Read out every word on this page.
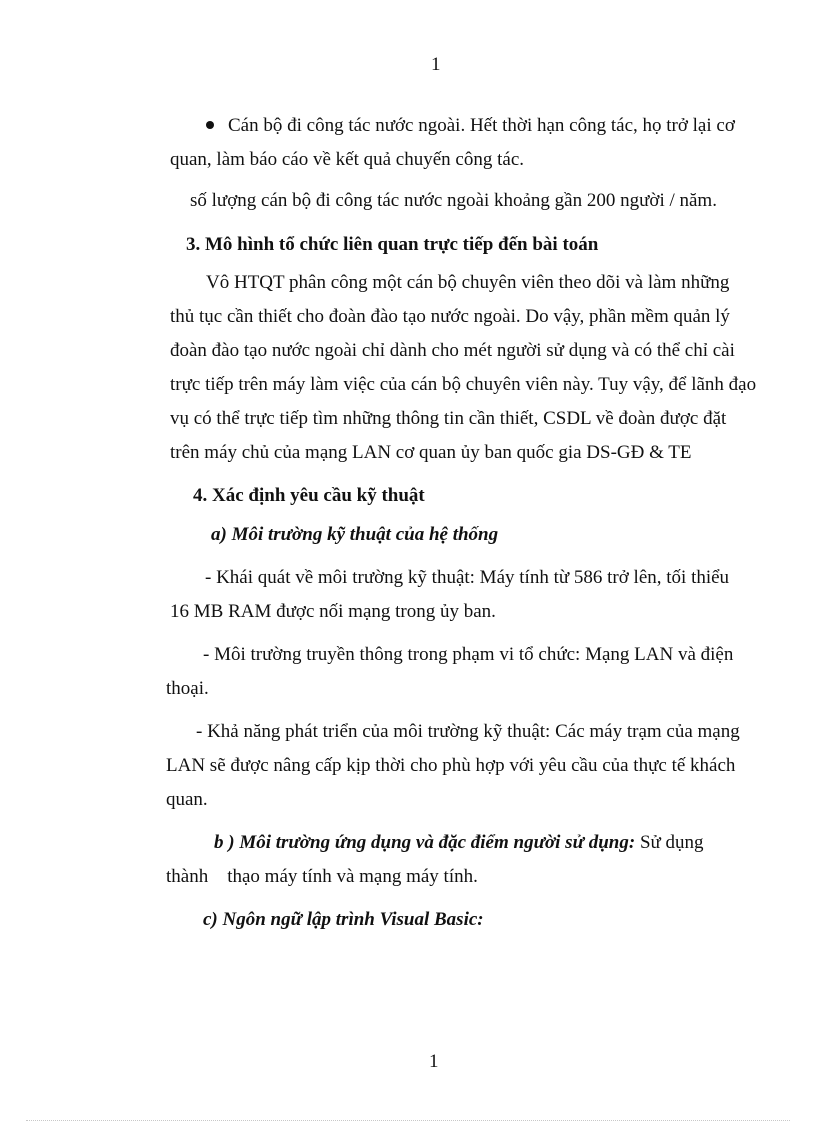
1
Cán bộ đi công tác nước ngoài. Hết thời hạn công tác, họ trở lại cơ
quan, làm báo cáo về kết quả chuyến công tác.
số lượng cán bộ đi công tác nước ngoài khoảng gần 200 người / năm.
3. Mô hình tổ chức liên quan trực tiếp đến bài toán
Vô HTQT phân công một cán bộ chuyên viên theo dõi và làm những
thủ tục cần thiết cho đoàn đào tạo nước ngoài. Do vậy, phần mềm quản lý
đoàn đào tạo nước ngoài chỉ dành cho mét người sử dụng và có thể chỉ cài
trực tiếp trên máy làm việc của cán bộ chuyên viên này. Tuy vậy, để lãnh đạo
vụ có thể trực tiếp tìm những thông tin cần thiết, CSDL về đoàn được đặt
trên máy chủ của mạng LAN cơ quan ủy ban quốc gia DS-GĐ & TE
4. Xác định yêu cầu kỹ thuật
a) Môi trường kỹ thuật của hệ thống
- Khái quát về môi trường kỹ thuật: Máy tính từ 586 trở lên, tối thiểu
16 MB RAM được nối mạng trong ủy ban.
- Môi trường truyền thông trong phạm vi tổ chức: Mạng LAN và điện
thoại.
- Khả năng phát triển của môi trường kỹ thuật: Các máy trạm của mạng
LAN sẽ được nâng cấp kịp thời cho phù hợp với yêu cầu của thực tế khách
quan.
b ) Môi trường ứng dụng và đặc điểm người sử dụng: Sử dụng
thành    thạo máy tính và mạng máy tính.
c) Ngôn ngữ lập trình Visual Basic:
1
